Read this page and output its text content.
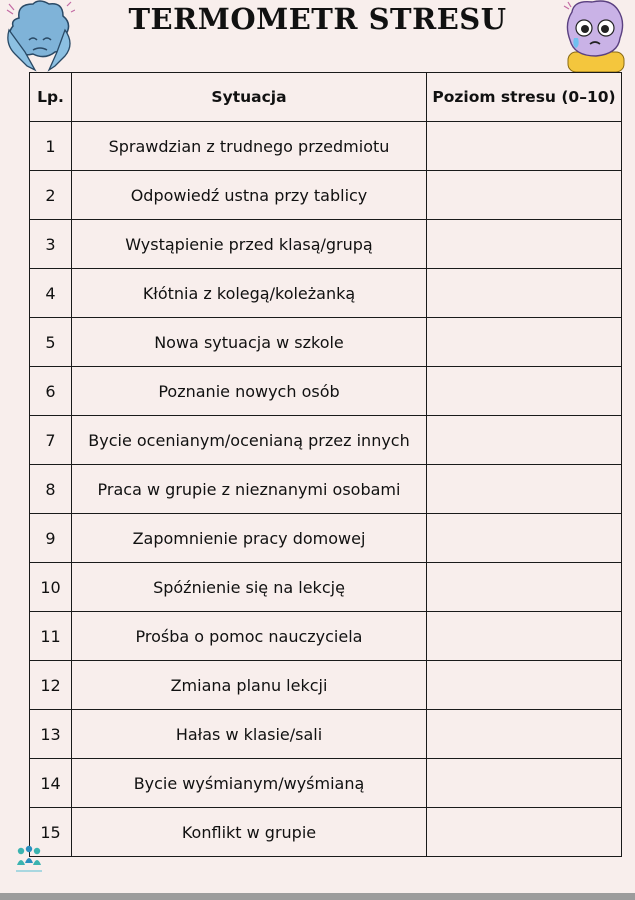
TERMOMETR STRESU
Lp.	Sytuacja	Poziom stresu (0–10)
1	Sprawdzian z trudnego przedmiotu	
2	Odpowiedź ustna przy tablicy	
3	Wystąpienie przed klasą/grupą	
4	Kłótnia z kolegą/koleżanką	
5	Nowa sytuacja w szkole	
6	Poznanie nowych osób	
7	Bycie ocenianym/ocenianą przez innych	
8	Praca w grupie z nieznanymi osobami	
9	Zapomnienie pracy domowej	
10	Spóźnienie się na lekcję	
11	Prośba o pomoc nauczyciela	
12	Zmiana planu lekcji	
13	Hałas w klasie/sali	
14	Bycie wyśmianym/wyśmianą	
15	Konflikt w grupie	
